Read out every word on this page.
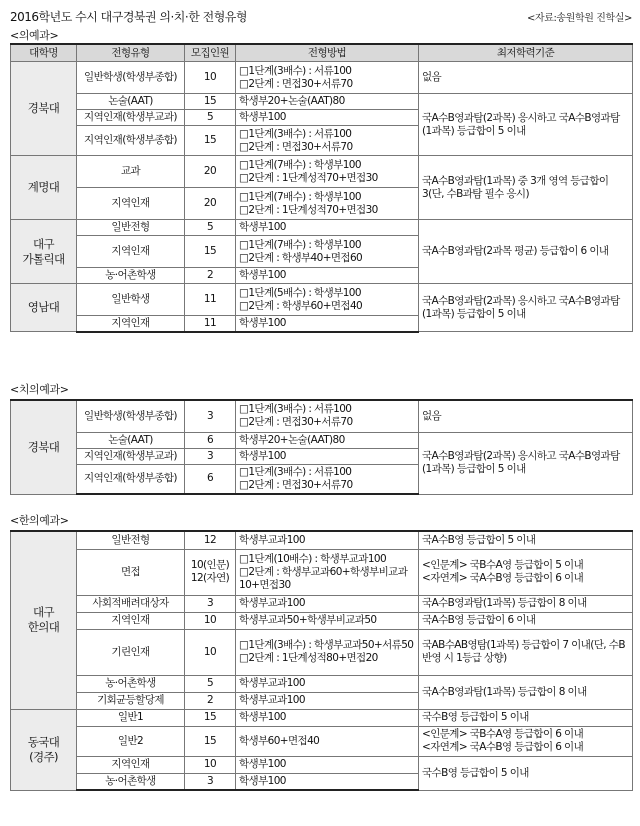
2016학년도 수시 대구경북권 의·치·한 전형유형	<자료:송원학원 진학실>
<의예과>
대학명	전형유형	모집인원	전형방법	최저학력기준
경북대	일반학생(학생부종합)	10	□1단계(3배수) : 서류100
□2단계 : 면접30+서류70	없음
	논술(AAT)	15	학생부20+논술(AAT)80	국A수B영과탐(2과목) 응시하고 국A수B영과탐(1과목) 등급합이 5 이내
	지역인재(학생부교과)	5	학생부100	
	지역인재(학생부종합)	15	□1단계(3배수) : 서류100
□2단계 : 면접30+서류70	
계명대	교과	20	□1단계(7배수) : 학생부100
□2단계 : 1단계성적70+면접30	국A수B영과탐(1과목) 중 3개 영역 등급합이 3(단, 수B과탐 필수 응시)
	지역인재	20	□1단계(7배수) : 학생부100
□2단계 : 1단계성적70+면접30	
대구
가톨릭대	일반전형	5	학생부100	국A수B영과탐(2과목 평균) 등급합이 6 이내
	지역인재	15	□1단계(7배수) : 학생부100
□2단계 : 학생부40+면접60	
	농·어촌학생	2	학생부100	
영남대	일반학생	11	□1단계(5배수) : 학생부100
□2단계 : 학생부60+면접40	국A수B영과탐(2과목) 응시하고 국A수B영과탐(1과목) 등급합이 5 이내
	지역인재	11	학생부100	
<치의예과>
경북대	일반학생(학생부종합)	3	□1단계(3배수) : 서류100
□2단계 : 면접30+서류70	없음
	논술(AAT)	6	학생부20+논술(AAT)80	국A수B영과탐(2과목) 응시하고 국A수B영과탐(1과목) 등급합이 5 이내
	지역인재(학생부교과)	3	학생부100	
	지역인재(학생부종합)	6	□1단계(3배수) : 서류100
□2단계 : 면접30+서류70	
<한의예과>
대구
한의대	일반전형	12	학생부교과100	국A수B영 등급합이 5 이내
	면접	10(인문)
12(자연)	□1단계(10배수) : 학생부교과100
□2단계 : 학생부교과60+학생부비교과10+면접30	<인문계> 국B수A영 등급합이 5 이내
<자연계> 국A수B영 등급합이 6 이내
	사회적배려대상자	3	학생부교과100	국A수B영과탐(1과목) 등급합이 8 이내
	지역인재	10	학생부교과50+학생부비교과50	국A수B영 등급합이 6 이내
	기린인재	10	□1단계(3배수) : 학생부교과50+서류50
□2단계 : 1단계성적80+면접20	국AB수AB영탐(1과목) 등급합이 7 이내(단, 수B 반영 시 1등급 상향)
	농·어촌학생	5	학생부교과100	국A수B영과탐(1과목) 등급합이 8 이내
	기회균등할당제	2	학생부교과100	
동국대
(경주)	일반1	15	학생부100	국수B영 등급합이 5 이내
	일반2	15	학생부60+면접40	<인문계> 국B수A영 등급합이 6 이내
<자연계> 국A수B영 등급합이 6 이내
	지역인재	10	학생부100	국수B영 등급합이 5 이내
	농·어촌학생	3	학생부100	
